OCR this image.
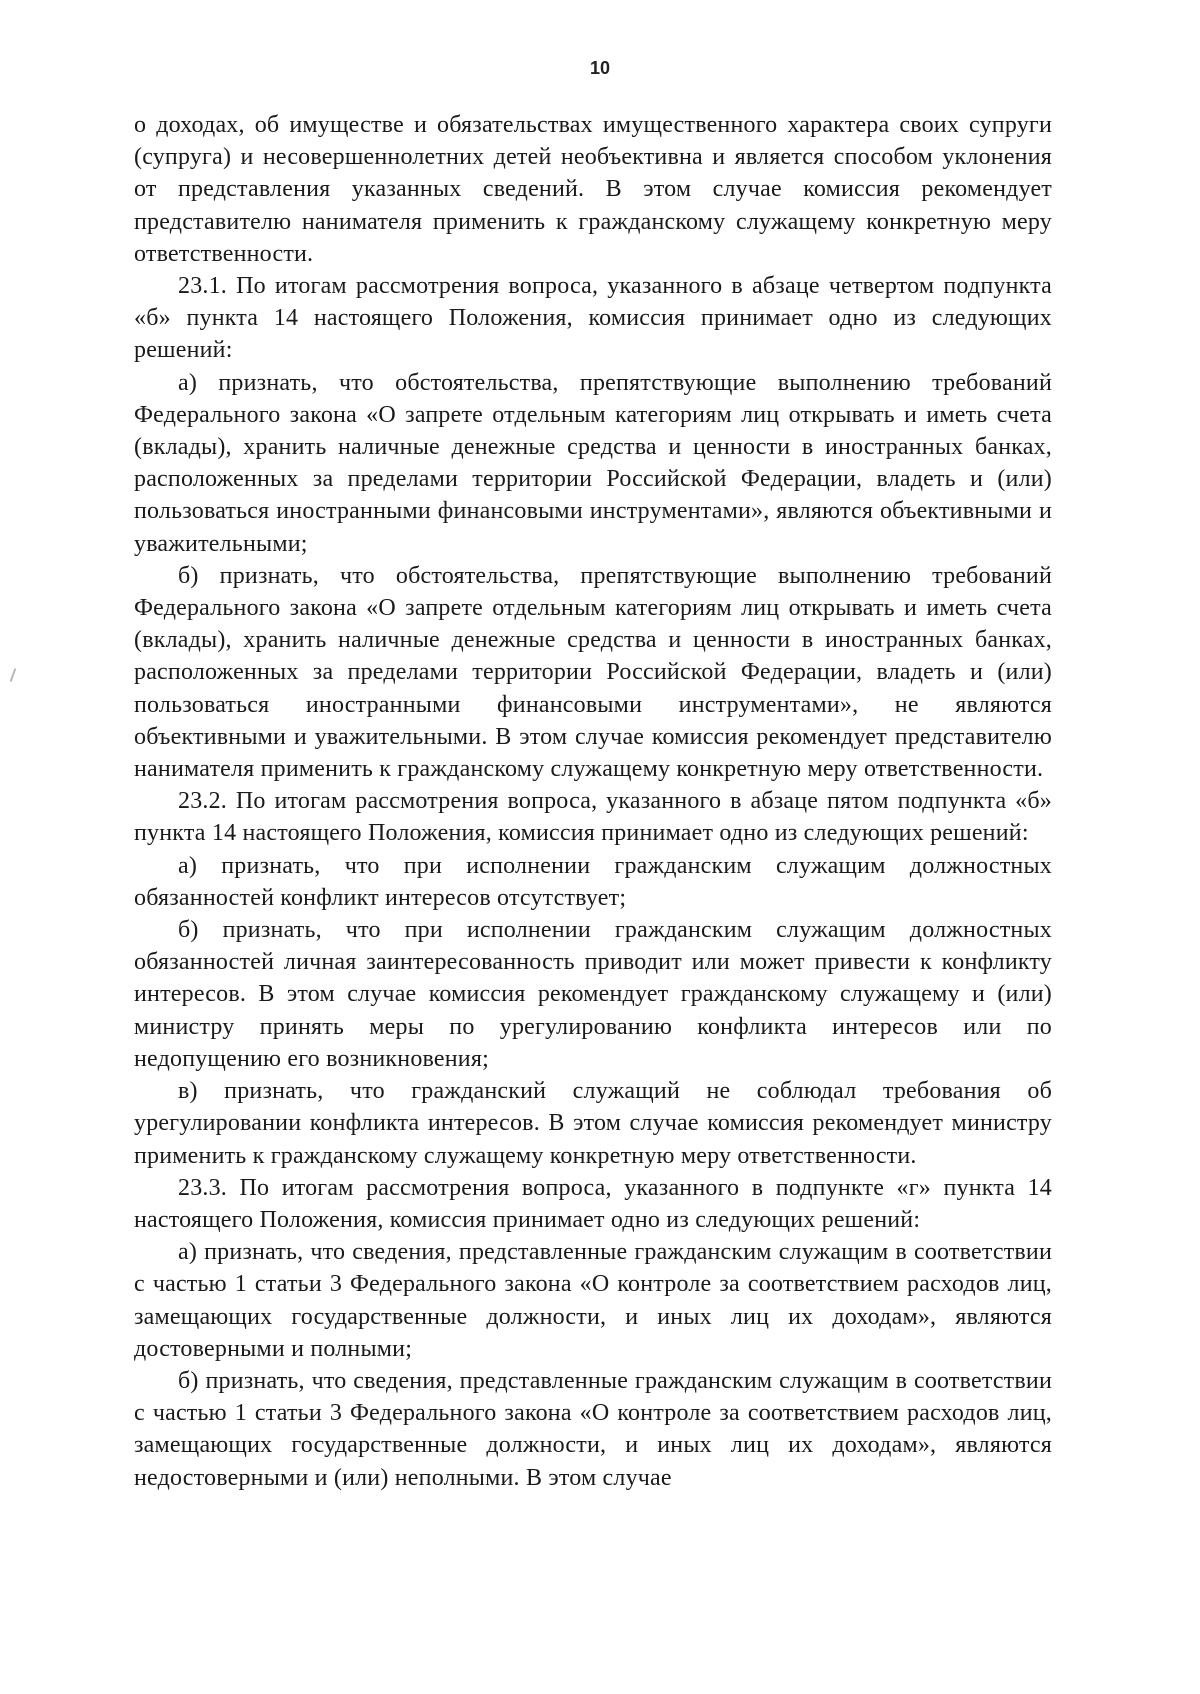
10

о доходах, об имуществе и обязательствах имущественного характера своих супруги (супруга) и несовершеннолетних детей необъективна и является способом уклонения от представления указанных сведений. В этом случае комиссия рекомендует представителю нанимателя применить к гражданскому служащему конкретную меру ответственности.

23.1. По итогам рассмотрения вопроса, указанного в абзаце четвертом подпункта «б» пункта 14 настоящего Положения, комиссия принимает одно из следующих решений:

а) признать, что обстоятельства, препятствующие выполнению требований Федерального закона «О запрете отдельным категориям лиц открывать и иметь счета (вклады), хранить наличные денежные средства и ценности в иностранных банках, расположенных за пределами территории Российской Федерации, владеть и (или) пользоваться иностранными финансовыми инструментами», являются объективными и уважительными;

б) признать, что обстоятельства, препятствующие выполнению требований Федерального закона «О запрете отдельным категориям лиц открывать и иметь счета (вклады), хранить наличные денежные средства и ценности в иностранных банках, расположенных за пределами территории Российской Федерации, владеть и (или) пользоваться иностранными финансовыми инструментами», не являются объективными и уважительными. В этом случае комиссия рекомендует представителю нанимателя применить к гражданскому служащему конкретную меру ответственности.

23.2. По итогам рассмотрения вопроса, указанного в абзаце пятом подпункта «б» пункта 14 настоящего Положения, комиссия принимает одно из следующих решений:

а) признать, что при исполнении гражданским служащим должностных обязанностей конфликт интересов отсутствует;

б) признать, что при исполнении гражданским служащим должностных обязанностей личная заинтересованность приводит или может привести к конфликту интересов. В этом случае комиссия рекомендует гражданскому служащему и (или) министру принять меры по урегулированию конфликта интересов или по недопущению его возникновения;

в) признать, что гражданский служащий не соблюдал требования об урегулировании конфликта интересов. В этом случае комиссия рекомендует министру применить к гражданскому служащему конкретную меру ответственности.

23.3. По итогам рассмотрения вопроса, указанного в подпункте «г» пункта 14 настоящего Положения, комиссия принимает одно из следующих решений:

а) признать, что сведения, представленные гражданским служащим в соответствии с частью 1 статьи 3 Федерального закона «О контроле за соответствием расходов лиц, замещающих государственные должности, и иных лиц их доходам», являются достоверными и полными;

б) признать, что сведения, представленные гражданским служащим в соответствии с частью 1 статьи 3 Федерального закона «О контроле за соответствием расходов лиц, замещающих государственные должности, и иных лиц их доходам», являются недостоверными и (или) неполными. В этом случае
